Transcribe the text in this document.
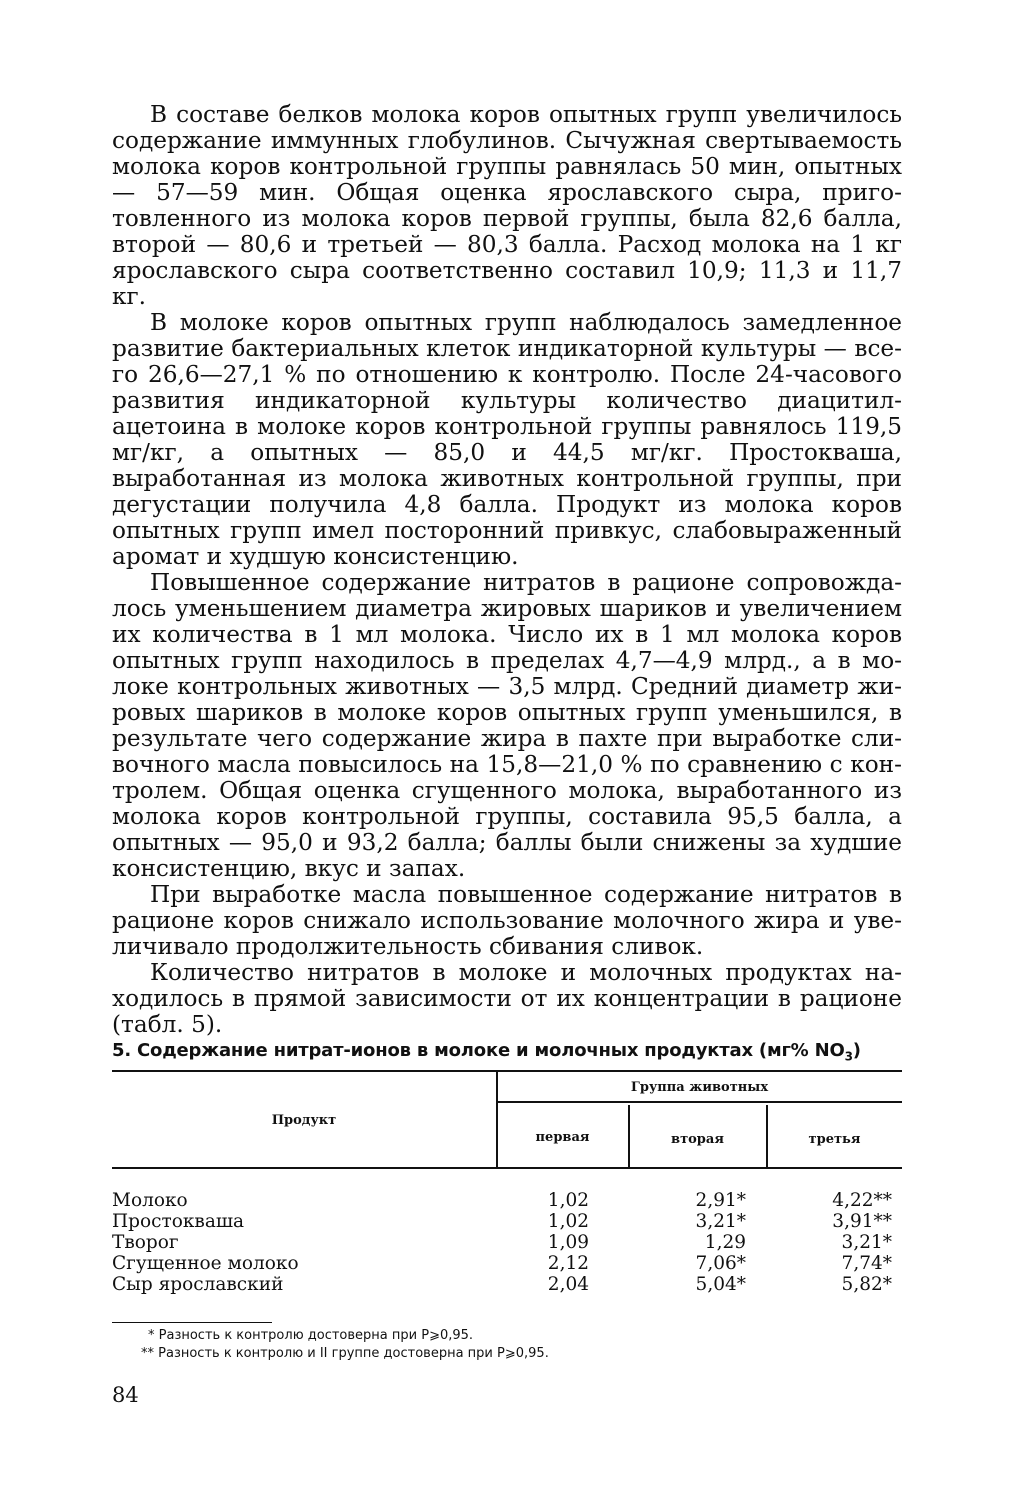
В составе белков молока коров опытных групп увеличилось содержание иммунных глобулинов. Сычужная свертываемость молока коров контрольной группы равнялась 50 мин, опытных — 57—59 мин. Общая оценка ярославского сыра, приготовленного из молока коров первой группы, была 82,6 балла, второй — 80,6 и третьей — 80,3 балла. Расход молока на 1 кг ярославского сыра соответственно составил 10,9; 11,3 и 11,7 кг.

В молоке коров опытных групп наблюдалось замедленное развитие бактериальных клеток индикаторной культуры — всего 26,6—27,1 % по отношению к контролю. После 24-часового развития индикаторной культуры количество диацитил-ацетоина в молоке коров контрольной группы равнялось 119,5 мг/кг, а опытных — 85,0 и 44,5 мг/кг. Простокваша, выработанная из молока животных контрольной группы, при дегустации получила 4,8 балла. Продукт из молока коров опытных групп имел посторонний привкус, слабовыраженный аромат и худшую консистенцию.

Повышенное содержание нитратов в рационе сопровождалось уменьшением диаметра жировых шариков и увеличением их количества в 1 мл молока. Число их в 1 мл молока коров опытных групп находилось в пределах 4,7—4,9 млрд., а в молоке контрольных животных — 3,5 млрд. Средний диаметр жировых шариков в молоке коров опытных групп уменьшился, в результате чего содержание жира в пахте при выработке сливочного масла повысилось на 15,8—21,0 % по сравнению с контролем. Общая оценка сгущенного молока, выработанного из молока коров контрольной группы, составила 95,5 балла, а опытных — 95,0 и 93,2 балла; баллы были снижены за худшие консистенцию, вкус и запах.

При выработке масла повышенное содержание нитратов в рационе коров снижало использование молочного жира и увеличивало продолжительность сбивания сливок.

Количество нитратов в молоке и молочных продуктах находилось в прямой зависимости от их концентрации в рационе (табл. 5).

5. Содержание нитрат-ионов в молоке и молочных продуктах (мг% $NO_3$)
Продукт
Группа животных
первая	вторая	третья
Молоко	1,02	2,91*	4,22**
Простокваша	1,02	3,21*	3,91**
Творог	1,09	1,29	3,21*
Сгущенное молоко	2,12	7,06*	7,74*
Сыр ярославский	2,04	5,04*	5,82*
* Разность к контролю достоверна при Р⩾0,95.
** Разность к контролю и II группе достоверна при Р⩾0,95.
84
